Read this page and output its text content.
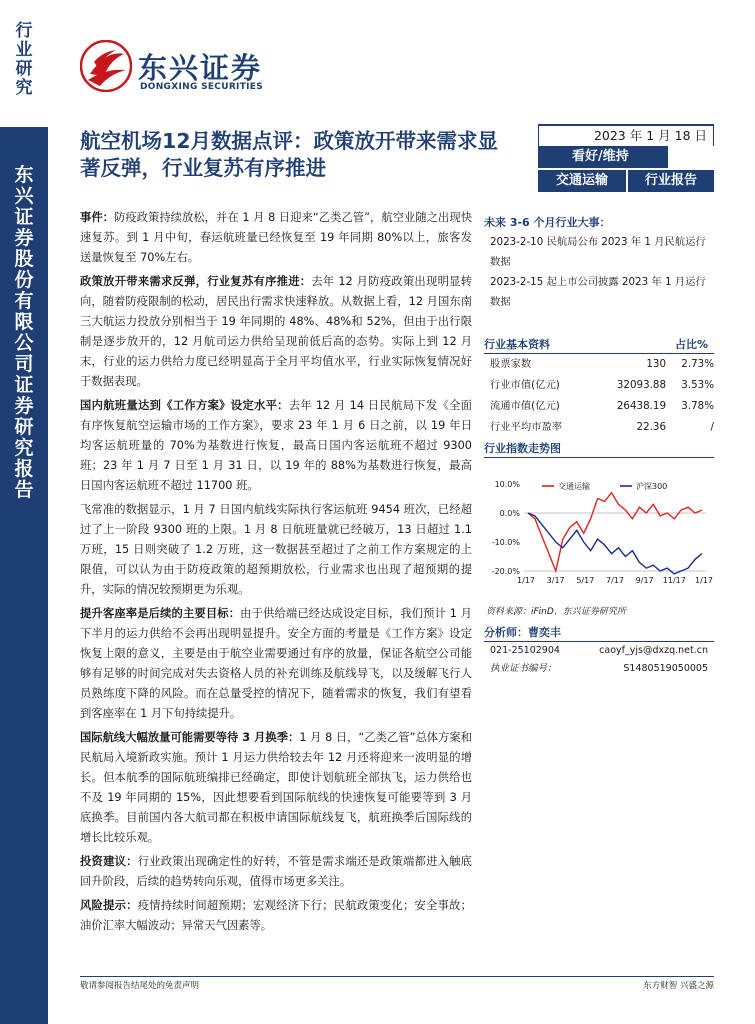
行
业
研
究
东
兴
证
券
股
份
有
限
公
司
证
券
研
究
报
告
东兴证券
DONGXING SECURITIES
航空机场12月数据点评：政策放开带来需求显著反弹，行业复苏有序推进
2023 年 1 月 18 日
看好/维持
交通运输	行业报告

事件：防疫政策持续放松，并在 1 月 8 日迎来“乙类乙管”，航空业随之出现快速复苏。到 1 月中旬，春运航班量已经恢复至 19 年同期 80%以上，旅客发送量恢复至 70%左右。

政策放开带来需求反弹，行业复苏有序推进：去年 12 月防疫政策出现明显转向，随着防疫限制的松动，居民出行需求快速释放。从数据上看，12 月国东南三大航运力投放分别相当于 19 年同期的 48%、48%和 52%，但由于出行限制是逐步放开的，12 月航司运力供给呈现前低后高的态势。实际上到 12 月末，行业的运力供给力度已经明显高于全月平均值水平，行业实际恢复情况好于数据表现。

国内航班量达到《工作方案》设定水平：去年 12 月 14 日民航局下发《全面有序恢复航空运输市场的工作方案》，要求 23 年 1 月 6 日之前，以 19 年日均客运航班量的 70%为基数进行恢复，最高日国内客运航班不超过 9300 班；23 年 1 月 7 日至 1 月 31 日，以 19 年的 88%为基数进行恢复，最高日国内客运航班不超过 11700 班。

飞常准的数据显示，1 月 7 日国内航线实际执行客运航班 9454 班次，已经超过了上一阶段 9300 班的上限。1 月 8 日航班量就已经破万，13 日超过 1.1 万班，15 日则突破了 1.2 万班，这一数据甚至超过了之前工作方案规定的上限值，可以认为由于防疫政策的超预期放松，行业需求也出现了超预期的提升，实际的情况较预期更为乐观。

提升客座率是后续的主要目标：由于供给端已经达成设定目标，我们预计 1 月下半月的运力供给不会再出现明显提升。安全方面的考量是《工作方案》设定恢复上限的意义，主要是由于航空业需要通过有序的放量，保证各航空公司能够有足够的时间完成对失去资格人员的补充训练及航线导飞，以及缓解飞行人员熟练度下降的风险。而在总量受控的情况下，随着需求的恢复，我们有望看到客座率在 1 月下旬持续提升。

国际航线大幅放量可能需要等待 3 月换季：1 月 8 日，“乙类乙管”总体方案和民航局入境新政实施。预计 1 月运力供给较去年 12 月还将迎来一波明显的增长。但本航季的国际航班编排已经确定，即使计划航班全部执飞，运力供给也不及 19 年同期的 15%，因此想要看到国际航线的快速恢复可能要等到 3 月底换季。目前国内各大航司都在积极申请国际航线复飞，航班换季后国际线的增长比较乐观。

投资建议：行业政策出现确定性的好转，不管是需求端还是政策端都进入触底回升阶段，后续的趋势转向乐观，值得市场更多关注。

风险提示：疫情持续时间超预期；宏观经济下行；民航政策变化；安全事故；油价汇率大幅波动；异常天气因素等。

未来 3-6 个月行业大事：
2023-2-10 民航局公布 2023 年 1 月民航运行
数据
2023-2-15 起上市公司披露 2023 年 1 月运行
数据
行业基本资料	占比%
股票家数	130	2.73%
行业市值(亿元)	32093.88	3.53%
流通市值(亿元)	26438.19	3.78%
行业平均市盈率	22.36	/
行业指数走势图
10.0%
0.0%
-10.0%
-20.0%
1/17 3/17 5/17 7/17 9/17 11/17 1/17
交通运输	沪深300
资料来源：iFinD、东兴证券研究所
分析师：曹奕丰
021-25102904	caoyf_yjs@dxzq.net.cn
执业证书编号：	S1480519050005
敬请参阅报告结尾处的免责声明	东方财智 兴盛之源
